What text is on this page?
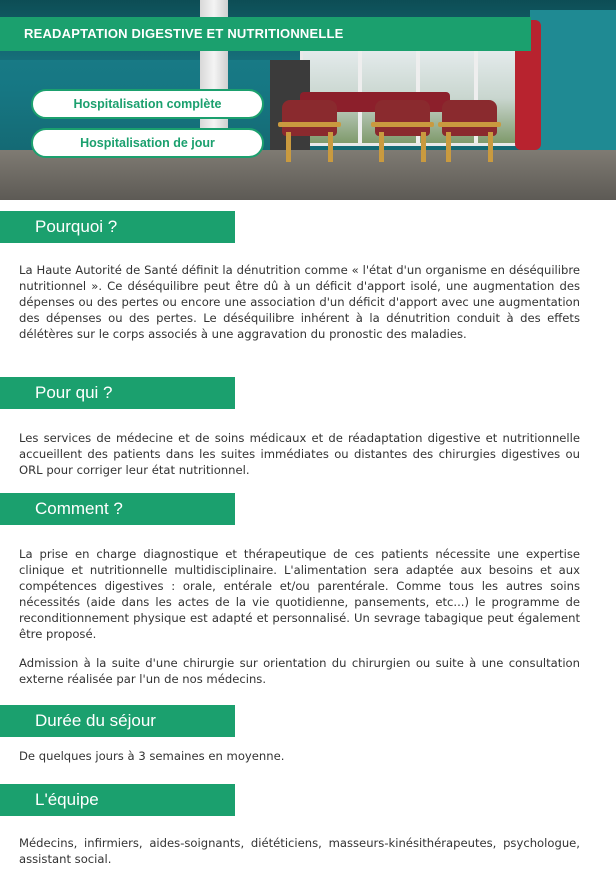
READAPTATION DIGESTIVE ET NUTRITIONNELLE
Hospitalisation complète
Hospitalisation de jour
Pourquoi ?

La Haute Autorité de Santé définit la dénutrition comme « l'état d'un organisme en déséquilibre nutritionnel ». Ce déséquilibre peut être dû à un déficit d'apport isolé, une augmentation des dépenses ou des pertes ou encore une association d'un déficit d'apport avec une augmentation des dépenses ou des pertes. Le déséquilibre inhérent à la dénutrition conduit à des effets délétères sur le corps associés à une aggravation du pronostic des maladies.

Pour qui ?

Les services de médecine et de soins médicaux et de réadaptation digestive et nutritionnelle accueillent des patients dans les suites immédiates ou distantes des chirurgies digestives ou ORL pour corriger leur état nutritionnel.

Comment ?

La prise en charge diagnostique et thérapeutique de ces patients nécessite une expertise clinique et nutritionnelle multidisciplinaire. L'alimentation sera adaptée aux besoins et aux compétences digestives : orale, entérale et/ou parentérale. Comme tous les autres soins nécessités (aide dans les actes de la vie quotidienne, pansements, etc...) le programme de reconditionnement physique est adapté et personnalisé. Un sevrage tabagique peut également être proposé.

Admission à la suite d'une chirurgie sur orientation du chirurgien ou suite à une consultation externe réalisée par l'un de nos médecins.

Durée du séjour

De quelques jours à 3 semaines en moyenne.

L'équipe

Médecins, infirmiers, aides-soignants, diététiciens, masseurs-kinésithérapeutes, psychologue, assistant social.
